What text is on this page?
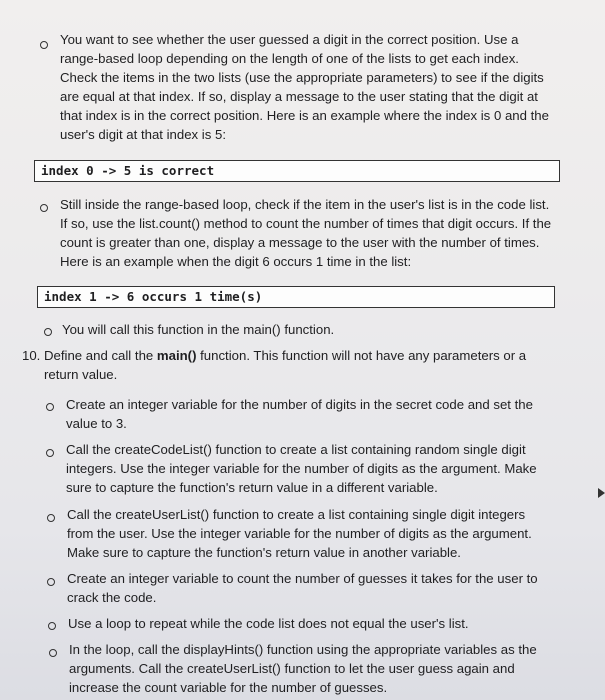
You want to see whether the user guessed a digit in the correct position. Use a range-based loop depending on the length of one of the lists to get each index. Check the items in the two lists (use the appropriate parameters) to see if the digits are equal at that index. If so, display a message to the user stating that the digit at that index is in the correct position. Here is an example where the index is 0 and the user's digit at that index is 5:
index 0 -> 5 is correct
Still inside the range-based loop, check if the item in the user's list is in the code list. If so, use the list.count() method to count the number of times that digit occurs. If the count is greater than one, display a message to the user with the number of times. Here is an example when the digit 6 occurs 1 time in the list:
index 1 -> 6 occurs 1 time(s)
You will call this function in the main() function.
10. Define and call the main() function. This function will not have any parameters or a return value.
Create an integer variable for the number of digits in the secret code and set the value to 3.
Call the createCodeList() function to create a list containing random single digit integers. Use the integer variable for the number of digits as the argument. Make sure to capture the function's return value in a different variable.
Call the createUserList() function to create a list containing single digit integers from the user. Use the integer variable for the number of digits as the argument. Make sure to capture the function's return value in another variable.
Create an integer variable to count the number of guesses it takes for the user to crack the code.
Use a loop to repeat while the code list does not equal the user's list.
In the loop, call the displayHints() function using the appropriate variables as the arguments. Call the createUserList() function to let the user guess again and increase the count variable for the number of guesses.
